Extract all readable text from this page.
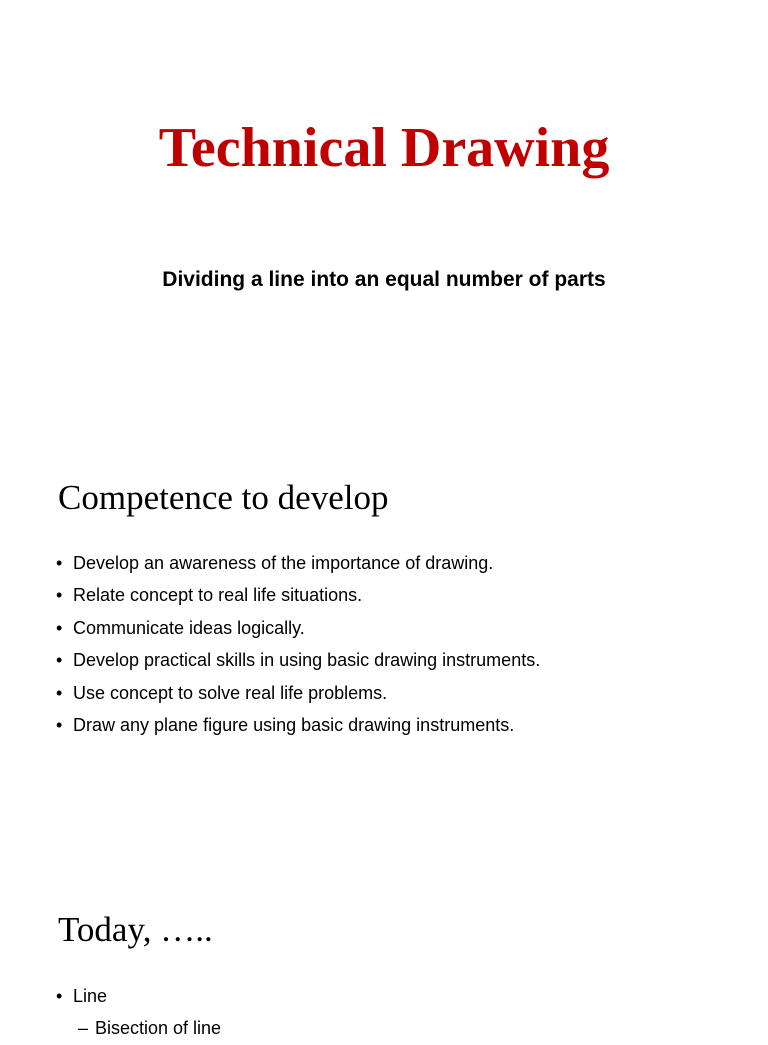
Technical Drawing
Dividing a line into an equal number of parts
Competence to develop
• Develop an awareness of the importance of drawing.
• Relate concept to real life situations.
• Communicate ideas logically.
• Develop practical skills in using basic drawing instruments.
• Use concept to solve real life problems.
• Draw any plane figure using basic drawing instruments.
Today, …..
• Line
– Bisection of line
